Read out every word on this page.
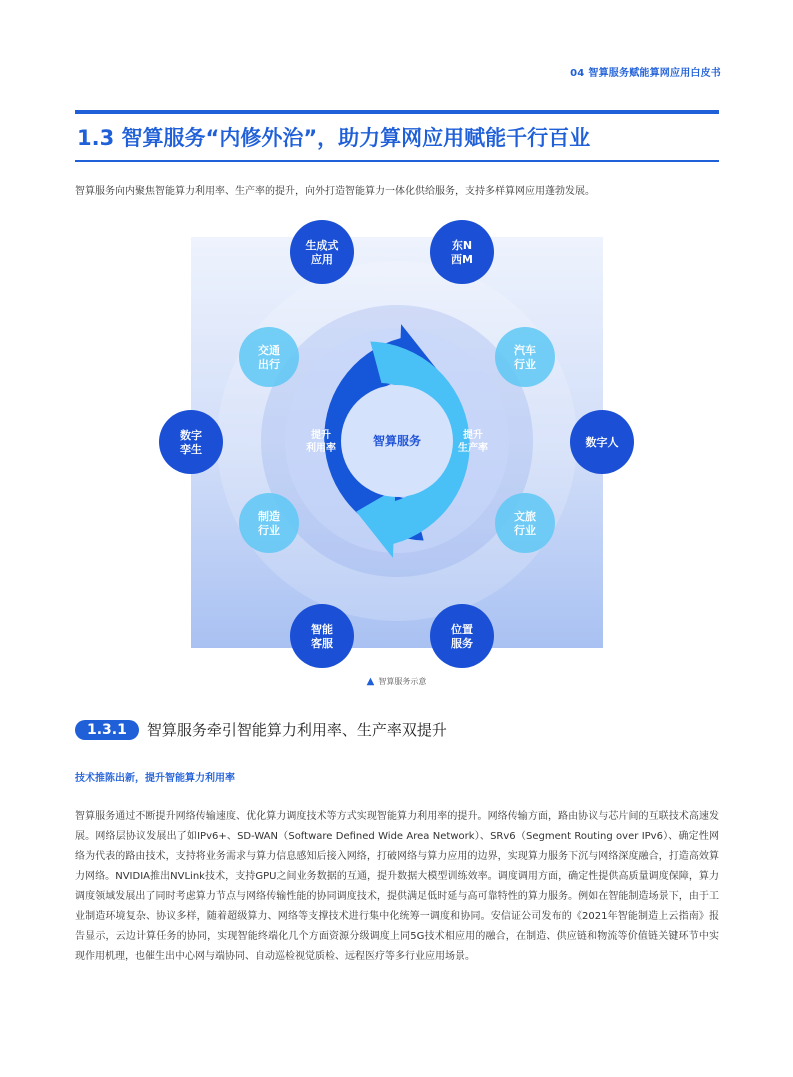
04 智算服务赋能算网应用白皮书
1.3 智算服务“内修外治”，助力算网应用赋能千行百业
智算服务向内聚焦智能算力利用率、生产率的提升，向外打造智能算力一体化供给服务，支持多样算网应用蓬勃发展。
智算服务
提升利用率
提升生产率
生成式应用
东N 西M
数字人
位置服务
智能客服
数字孪生
汽车行业
文旅行业
制造行业
交通出行
▲ 智算服务示意
1.3.1	智算服务牵引智能算力利用率、生产率双提升
技术推陈出新，提升智能算力利用率
智算服务通过不断提升网络传输速度、优化算力调度技术等方式实现智能算力利用率的提升。网络传输方面，路由协议与芯片间的互联技术高速发展。网络层协议发展出了如IPv6+、SD-WAN（Software Defined Wide Area Network）、SRv6（Segment Routing over IPv6）、确定性网络为代表的路由技术，支持将业务需求与算力信息感知后接入网络，打破网络与算力应用的边界，实现算力服务下沉与网络深度融合，打造高效算力网络。NVIDIA推出NVLink技术，支持GPU之间业务数据的互通，提升数据大模型训练效率。调度调用方面，确定性提供高质量调度保障，算力调度领域发展出了同时考虑算力节点与网络传输性能的协同调度技术，提供满足低时延与高可靠特性的算力服务。例如在智能制造场景下，由于工业制造环境复杂、协议多样，随着超级算力、网络等支撑技术进行集中化统筹一调度和协同。安信证公司发布的《2021年智能制造上云指南》报告显示，云边计算任务的协同，实现智能终端化几个方面资源分级调度上同5G技术相应用的融合，在制造、供应链和物流等价值链关键环节中实现作用机理，也催生出中心网与端协同、自动巡检视觉质检、远程医疗等多行业应用场景。
